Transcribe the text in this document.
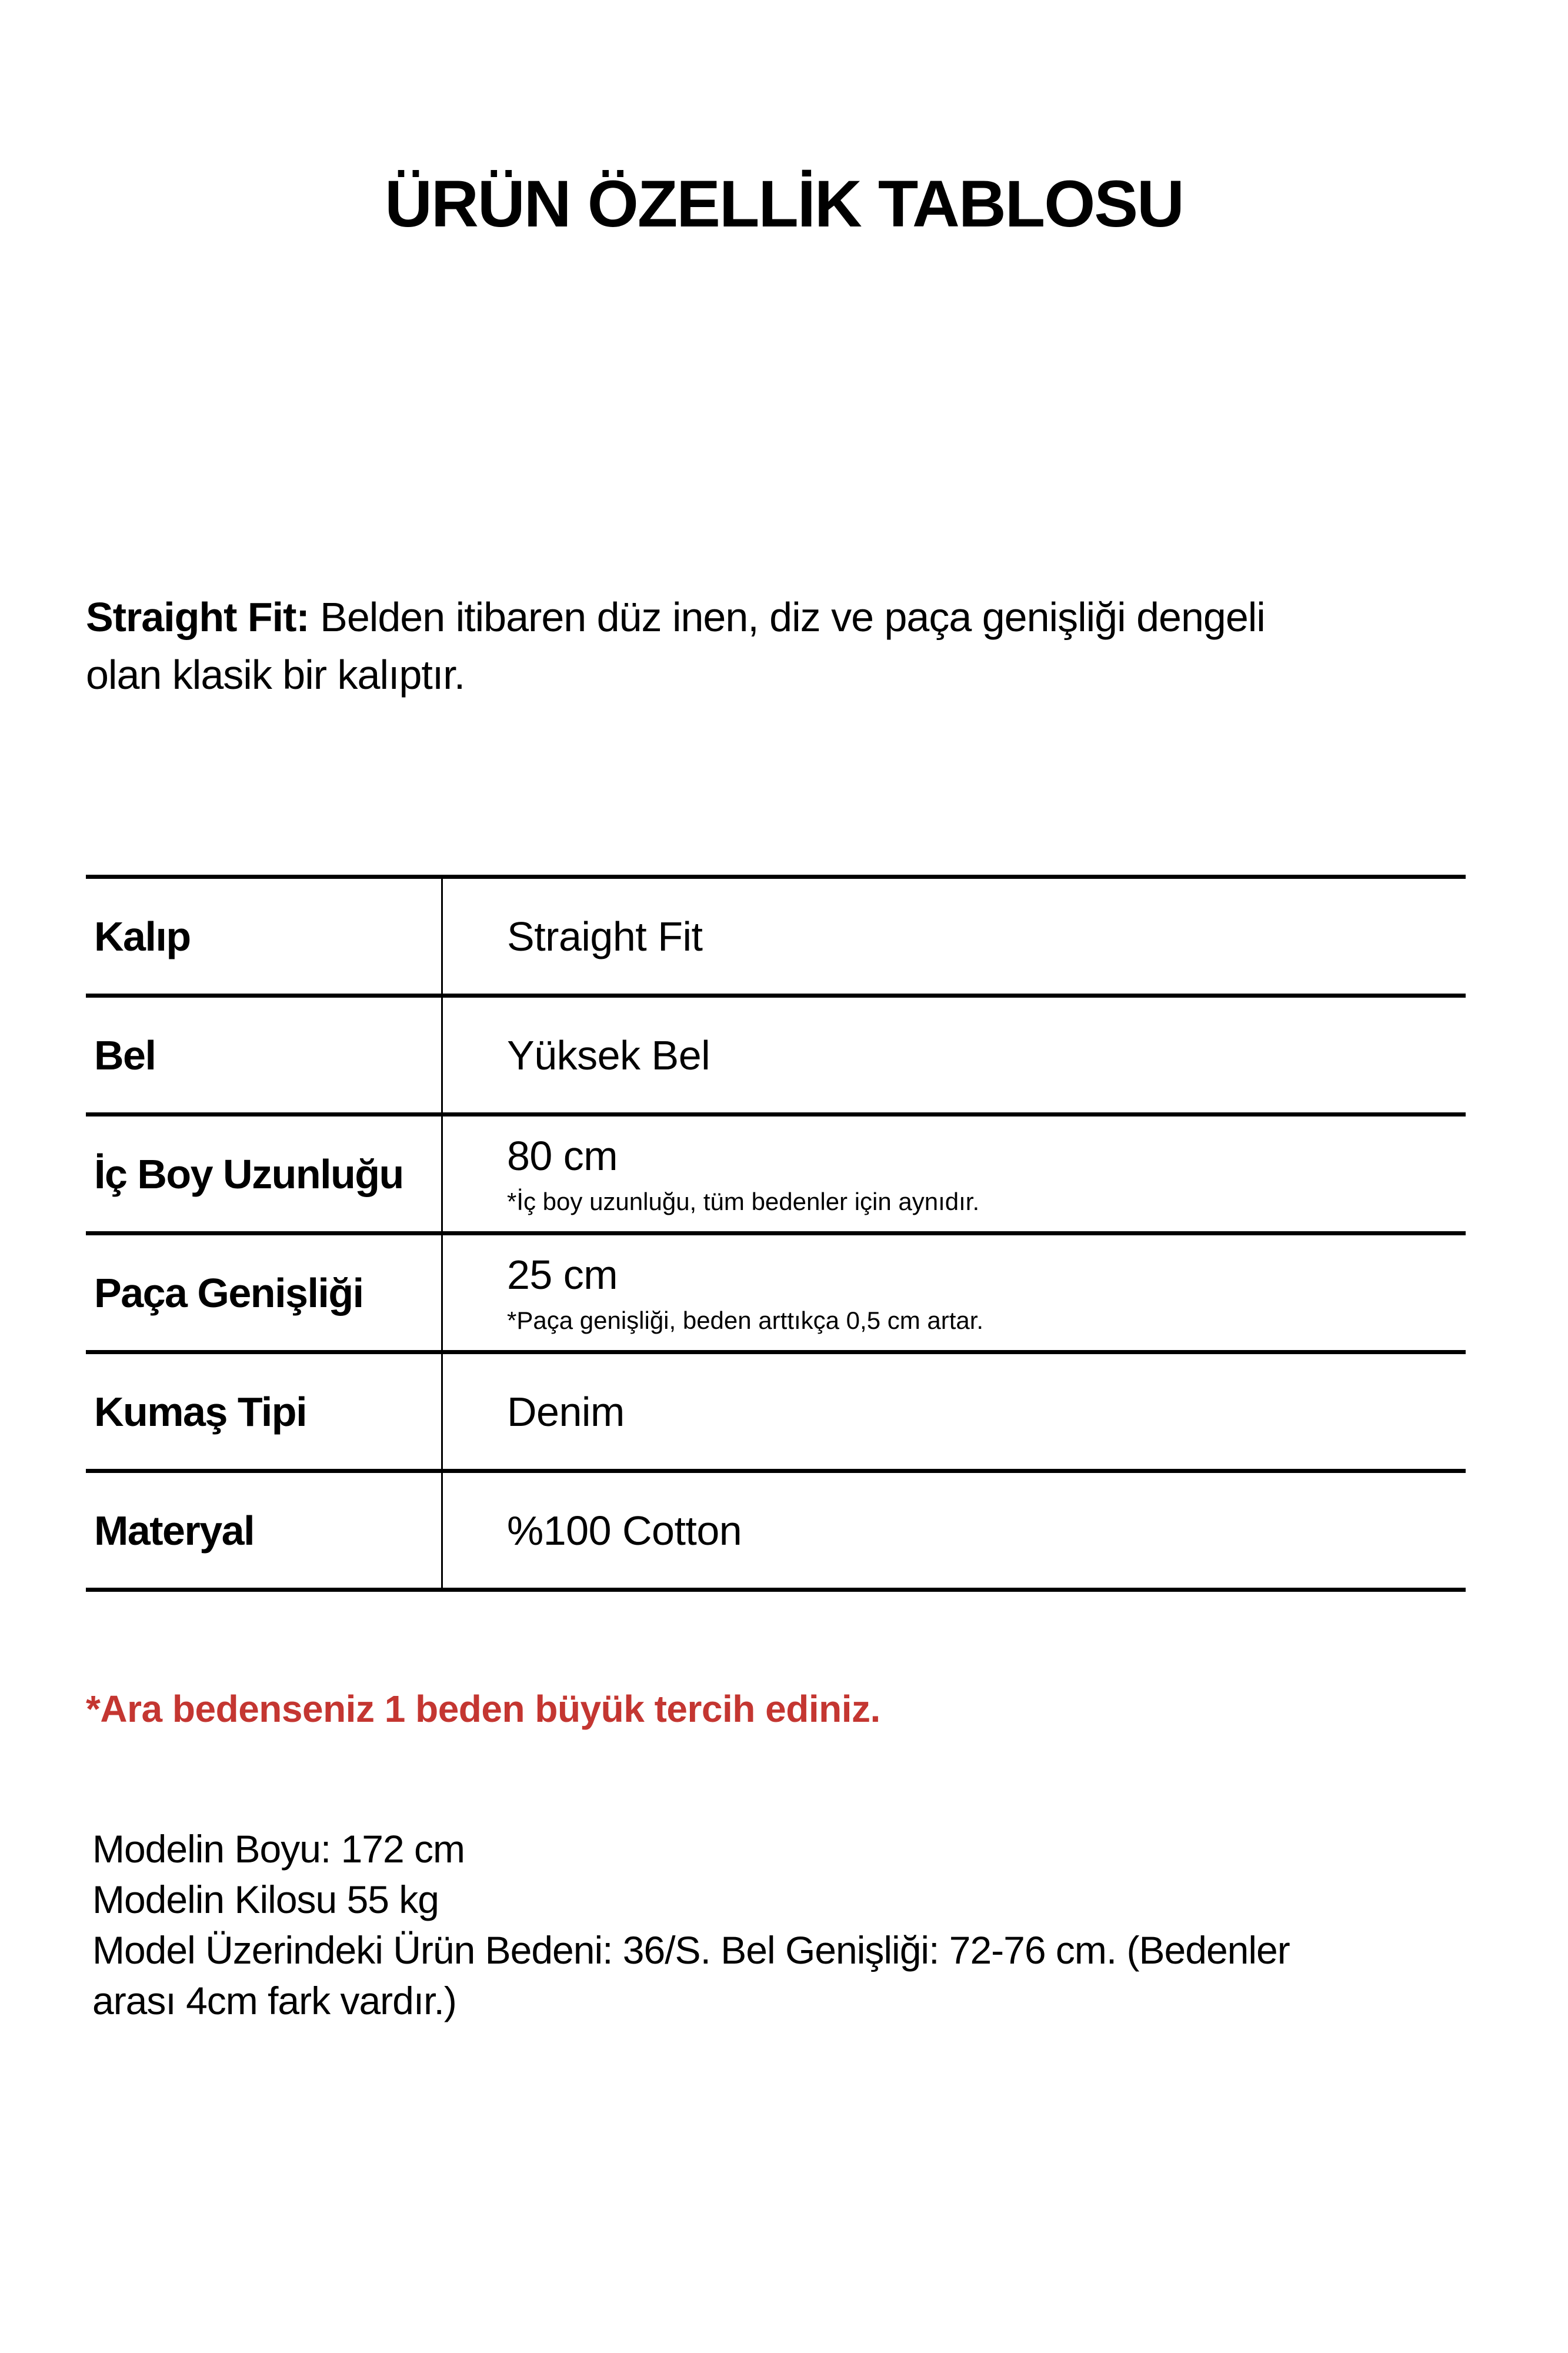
ÜRÜN ÖZELLİK TABLOSU
Straight Fit: Belden itibaren düz inen, diz ve paça genişliği dengeli
olan klasik bir kalıptır.
Kalıp	Straight Fit
Bel	Yüksek Bel
İç Boy Uzunluğu	80 cm
*İç boy uzunluğu, tüm bedenler için aynıdır.
Paça Genişliği	25 cm
*Paça genişliği, beden arttıkça 0,5 cm artar.
Kumaş Tipi	Denim
Materyal	%100 Cotton
*Ara bedenseniz 1 beden büyük tercih ediniz.
Modelin Boyu: 172 cm
Modelin Kilosu 55 kg
Model Üzerindeki Ürün Bedeni: 36/S. Bel Genişliği: 72-76 cm. (Bedenler
arası 4cm fark vardır.)
